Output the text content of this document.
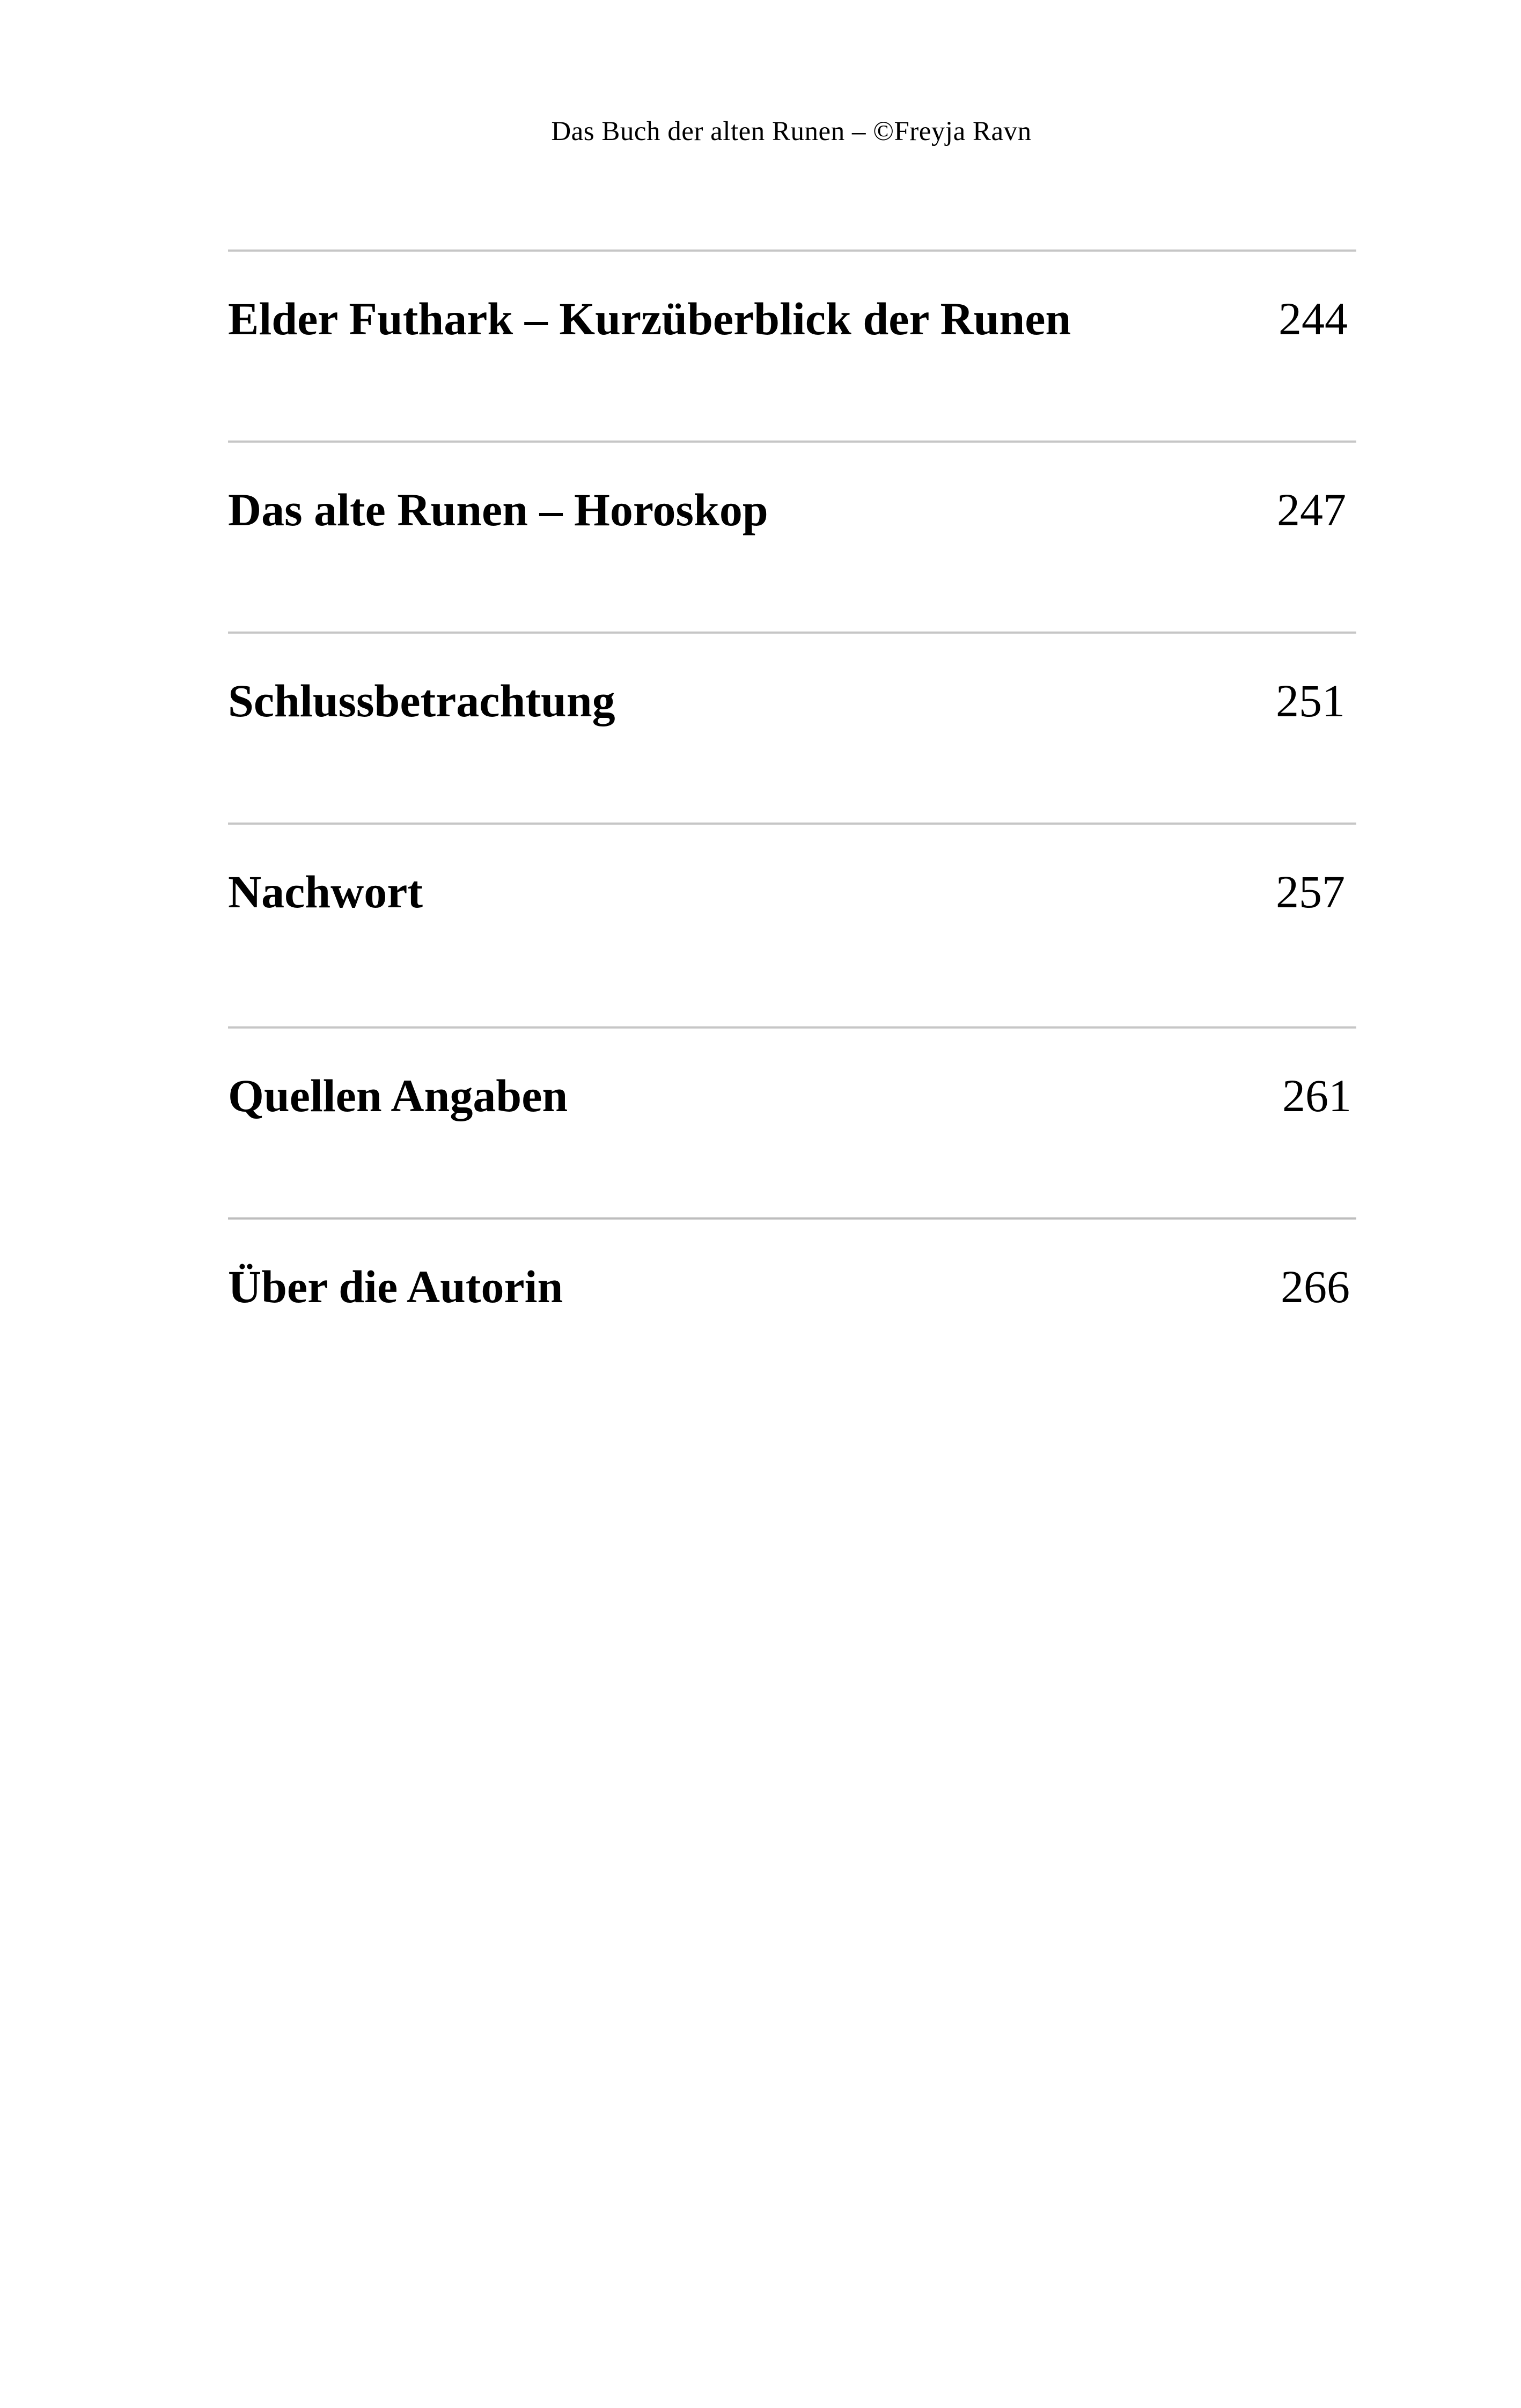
Das Buch der alten Runen – ©Freyja Ravn
Elder Futhark – Kurzüberblick der Runen	244
Das alte Runen – Horoskop	247
Schlussbetrachtung	251
Nachwort	257
Quellen Angaben	261
Über die Autorin	266
